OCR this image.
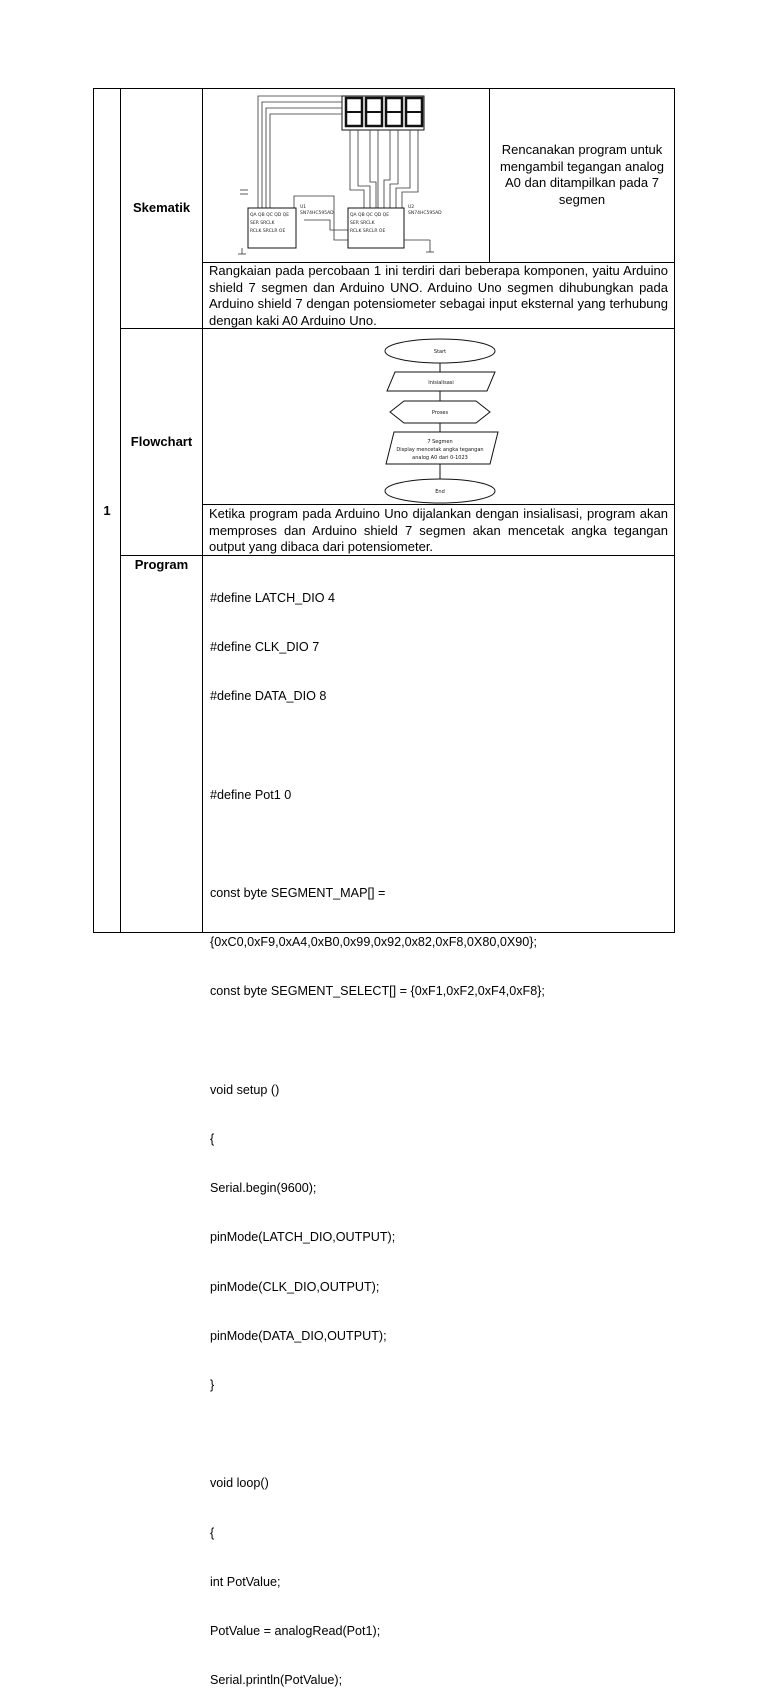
1
Skematik
QA QB QC QD QE
SER SRCLK
RCLK SRCLR OE
QA QB QC QD QE
SER SRCLK
RCLK SRCLR OE
U1
SN74HC595AD
U2
SN74HC595AD
Rencanakan program untuk mengambil tegangan analog A0 dan ditampilkan pada 7 segmen
Rangkaian pada percobaan 1 ini terdiri dari beberapa komponen, yaitu Arduino shield 7 segmen dan Arduino UNO. Arduino Uno segmen dihubungkan pada Arduino shield 7 dengan potensiometer sebagai input eksternal yang terhubung dengan kaki A0 Arduino Uno.
Flowchart
Start
Inisialisasi
Proses
7 Segmen
Display mencetak angka tegangan
analog A0 dari 0-1023
End
Ketika program pada Arduino Uno dijalankan dengan insialisasi, program akan memproses dan Arduino shield 7 segmen akan mencetak angka tegangan output yang dibaca dari potensiometer.
Program

#define LATCH_DIO 4

#define CLK_DIO 7

#define DATA_DIO 8

#define Pot1 0

const byte SEGMENT_MAP[] =

{0xC0,0xF9,0xA4,0xB0,0x99,0x92,0x82,0xF8,0X80,0X90};

const byte SEGMENT_SELECT[] = {0xF1,0xF2,0xF4,0xF8};

void setup ()

{

Serial.begin(9600);

pinMode(LATCH_DIO,OUTPUT);

pinMode(CLK_DIO,OUTPUT);

pinMode(DATA_DIO,OUTPUT);

}

void loop()

{

int PotValue;

PotValue = analogRead(Pot1);

Serial.println(PotValue);
